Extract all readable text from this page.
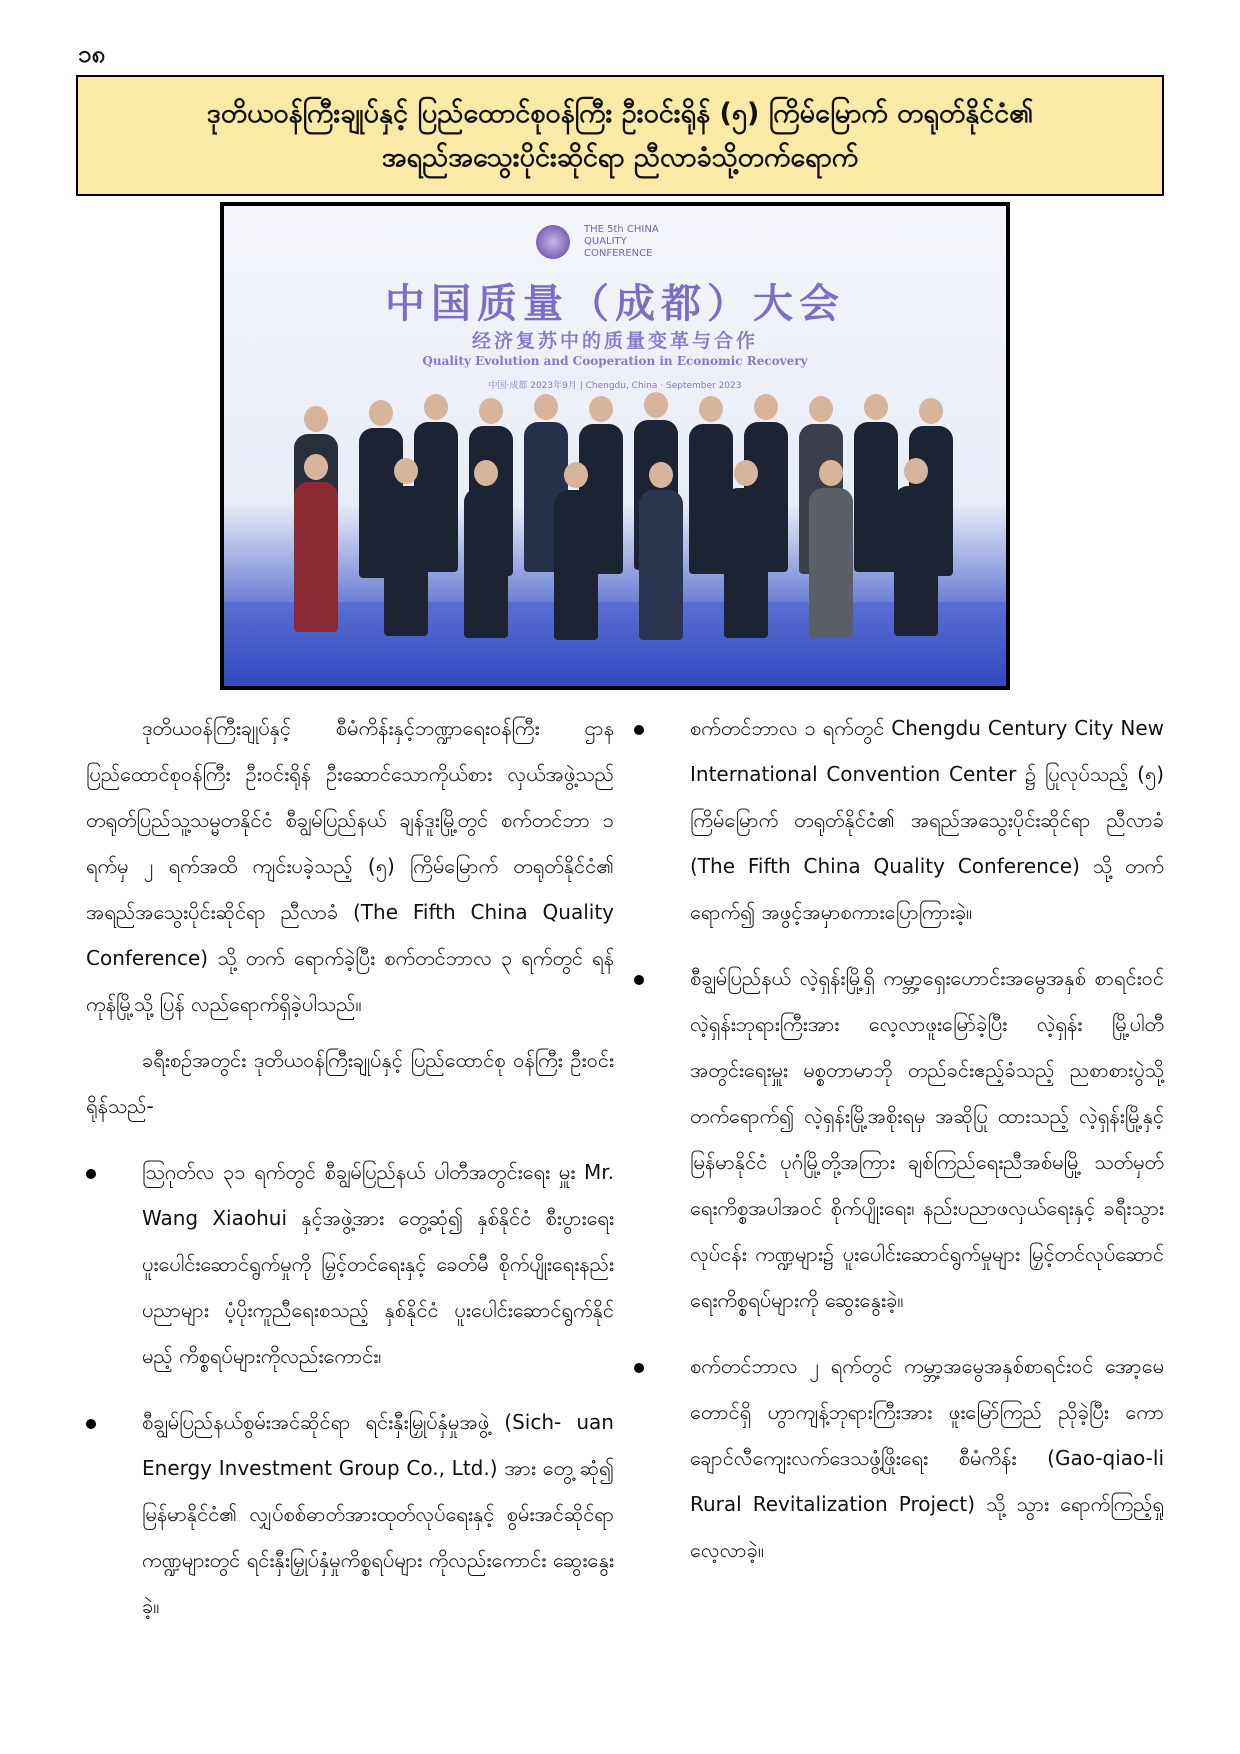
၁၈
ဒုတိယဝန်ကြီးချုပ်နှင့် ပြည်ထောင်စုဝန်ကြီး ဦးဝင်းရိုန် (၅) ကြိမ်မြောက် တရုတ်နိုင်ငံ၏
အရည်အသွေးပိုင်းဆိုင်ရာ ညီလာခံသို့တက်ရောက်
THE 5th CHINA QUALITY CONFERENCE
中国质量（成都）大会
经济复苏中的质量变革与合作
Quality Evolution and Cooperation in Economic Recovery
中国·成都 2023年9月 | Chengdu, China · September 2023

ဒုတိယဝန်ကြီးချုပ်နှင့် စီမံကိန်းနှင့်ဘဏ္ဍာရေးဝန်ကြီး ဌာန ပြည်ထောင်စုဝန်ကြီး ဦးဝင်းရိုန် ဦးဆောင်သောကိုယ်စား လှယ်အဖွဲ့သည် တရုတ်ပြည်သူ့သမ္မတနိုင်ငံ စီချွမ်ပြည်နယ် ချန်ဒူးမြို့တွင် စက်တင်ဘာ ၁ ရက်မှ ၂ ရက်အထိ ကျင်းပခဲ့သည့် (၅) ကြိမ်မြောက် တရုတ်နိုင်ငံ၏ အရည်အသွေးပိုင်းဆိုင်ရာ ညီလာခံ (The Fifth China Quality Conference) သို့ တက် ရောက်ခဲ့ပြီး စက်တင်ဘာလ ၃ ရက်တွင် ရန်ကုန်မြို့သို့ ပြန် လည်ရောက်ရှိခဲ့ပါသည်။

ခရီးစဉ်အတွင်း ဒုတိယဝန်ကြီးချုပ်နှင့် ပြည်ထောင်စု ဝန်ကြီး ဦးဝင်းရိုန်သည်-

ဩဂုတ်လ ၃၁ ရက်တွင် စီချွမ်ပြည်နယ် ပါတီအတွင်းရေး မှူး Mr. Wang Xiaohui နှင့်အဖွဲ့အား တွေ့ဆုံ၍ နှစ်နိုင်ငံ စီးပွားရေးပူးပေါင်းဆောင်ရွက်မှုကို မြှင့်တင်ရေးနှင့် ခေတ်မီ စိုက်ပျိုးရေးနည်းပညာများ ပံ့ပိုးကူညီရေးစသည့် နှစ်နိုင်ငံ ပူးပေါင်းဆောင်ရွက်နိုင်မည့် ကိစ္စရပ်များကိုလည်းကောင်း၊
စီချွမ်ပြည်နယ်စွမ်းအင်ဆိုင်ရာ ရင်းနှီးမြှုပ်နှံမှုအဖွဲ့ (Sich- uan Energy Investment Group Co., Ltd.) အား တွေ့ ဆုံ၍ မြန်မာနိုင်ငံ၏ လျှပ်စစ်ဓာတ်အားထုတ်လုပ်ရေးနှင့် စွမ်းအင်ဆိုင်ရာကဏ္ဍများတွင် ရင်းနှီးမြှုပ်နှံမှုကိစ္စရပ်များ ကိုလည်းကောင်း ဆွေးနွေးခဲ့။
စက်တင်ဘာလ ၁ ရက်တွင် Chengdu Century City New International Convention Center ၌ ပြုလုပ်သည့် (၅) ကြိမ်မြောက် တရုတ်နိုင်ငံ၏ အရည်အသွေးပိုင်းဆိုင်ရာ ညီလာခံ (The Fifth China Quality Conference) သို့ တက်ရောက်၍ အဖွင့်အမှာစကားပြောကြားခဲ့။
စီချွမ်ပြည်နယ် လဲ့ရှန်းမြို့ရှိ ကမ္ဘာ့ရှေးဟောင်းအမွေအနှစ် စာရင်းဝင် လဲ့ရှန်းဘုရားကြီးအား လေ့လာဖူးမြော်ခဲ့ပြီး လဲ့ရှန်း မြို့ပါတီအတွင်းရေးမှူး မစ္စတာမာဘို တည်ခင်းဧည့်ခံသည့် ညစာစားပွဲသို့ တက်ရောက်၍ လဲ့ရှန်းမြို့အစိုးရမှ အဆိုပြု ထားသည့် လဲ့ရှန်းမြို့နှင့် မြန်မာနိုင်ငံ ပုဂံမြို့တို့အကြား ချစ်ကြည်ရေးညီအစ်မမြို့ သတ်မှတ်ရေးကိစ္စအပါအဝင် စိုက်ပျိုးရေး၊ နည်းပညာဖလှယ်ရေးနှင့် ခရီးသွားလုပ်ငန်း ကဏ္ဍများ၌ ပူးပေါင်းဆောင်ရွက်မှုများ မြှင့်တင်လုပ်ဆောင် ရေးကိစ္စရပ်များကို ဆွေးနွေးခဲ့။
စက်တင်ဘာလ ၂ ရက်တွင် ကမ္ဘာ့အမွေအနှစ်စာရင်းဝင် အော့မေတောင်ရှိ ဟွာကျန့်ဘုရားကြီးအား ဖူးမြော်ကြည် ညိုခဲ့ပြီး ကောချောင်လီကျေးလက်ဒေသဖွံ့ဖြိုးရေး စီမံကိန်း (Gao-qiao-li Rural Revitalization Project) သို့ သွား ရောက်ကြည့်ရှုလေ့လာခဲ့။
